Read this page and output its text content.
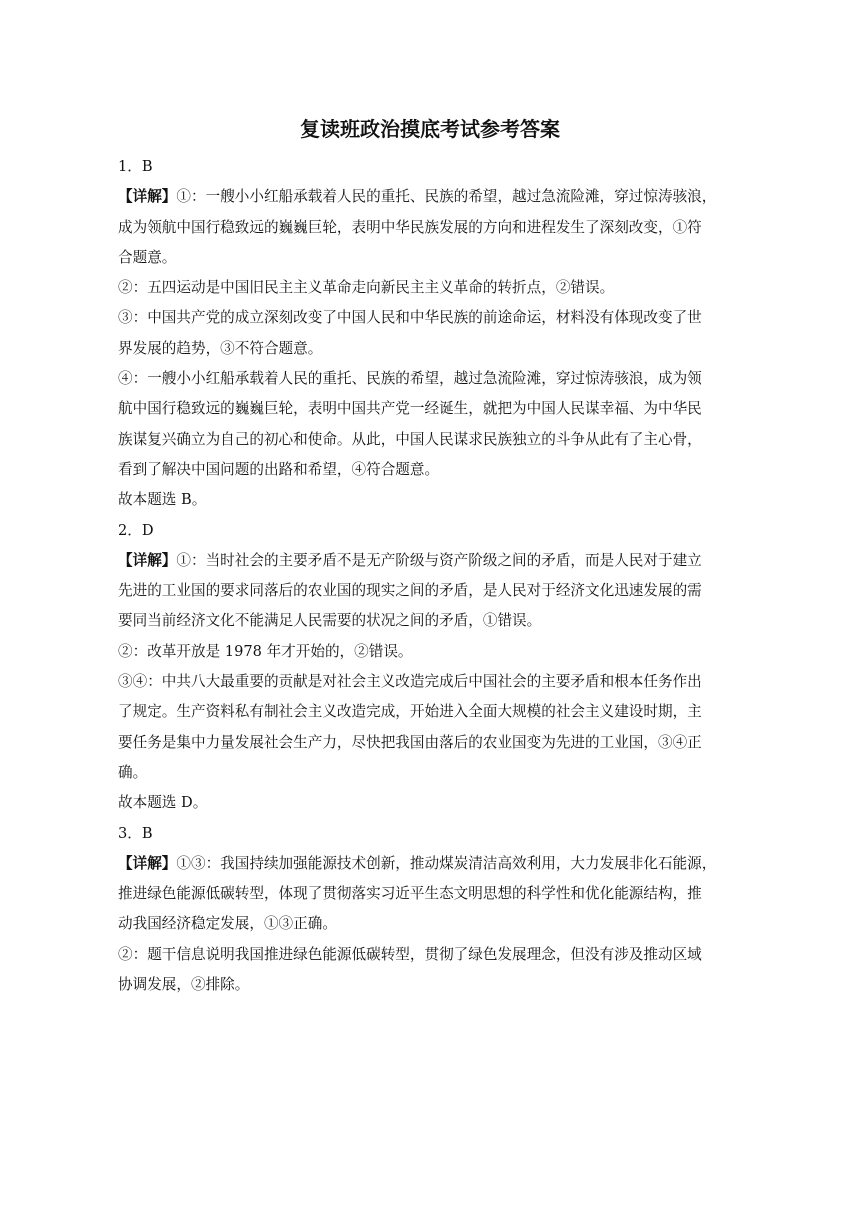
复读班政治摸底考试参考答案
1．B
【详解】①：一艘小小红船承载着人民的重托、民族的希望，越过急流险滩，穿过惊涛骇浪，
成为领航中国行稳致远的巍巍巨轮，表明中华民族发展的方向和进程发生了深刻改变，①符
合题意。
②：五四运动是中国旧民主主义革命走向新民主主义革命的转折点，②错误。
③：中国共产党的成立深刻改变了中国人民和中华民族的前途命运，材料没有体现改变了世
界发展的趋势，③不符合题意。
④：一艘小小红船承载着人民的重托、民族的希望，越过急流险滩，穿过惊涛骇浪，成为领
航中国行稳致远的巍巍巨轮，表明中国共产党一经诞生，就把为中国人民谋幸福、为中华民
族谋复兴确立为自己的初心和使命。从此，中国人民谋求民族独立的斗争从此有了主心骨，
看到了解决中国问题的出路和希望，④符合题意。
故本题选 B。
2．D
【详解】①：当时社会的主要矛盾不是无产阶级与资产阶级之间的矛盾，而是人民对于建立
先进的工业国的要求同落后的农业国的现实之间的矛盾，是人民对于经济文化迅速发展的需
要同当前经济文化不能满足人民需要的状况之间的矛盾，①错误。
②：改革开放是 1978 年才开始的，②错误。
③④：中共八大最重要的贡献是对社会主义改造完成后中国社会的主要矛盾和根本任务作出
了规定。生产资料私有制社会主义改造完成，开始进入全面大规模的社会主义建设时期，主
要任务是集中力量发展社会生产力，尽快把我国由落后的农业国变为先进的工业国，③④正
确。
故本题选 D。
3．B
【详解】①③：我国持续加强能源技术创新，推动煤炭清洁高效利用，大力发展非化石能源，
推进绿色能源低碳转型，体现了贯彻落实习近平生态文明思想的科学性和优化能源结构，推
动我国经济稳定发展，①③正确。
②：题干信息说明我国推进绿色能源低碳转型，贯彻了绿色发展理念，但没有涉及推动区域
协调发展，②排除。
